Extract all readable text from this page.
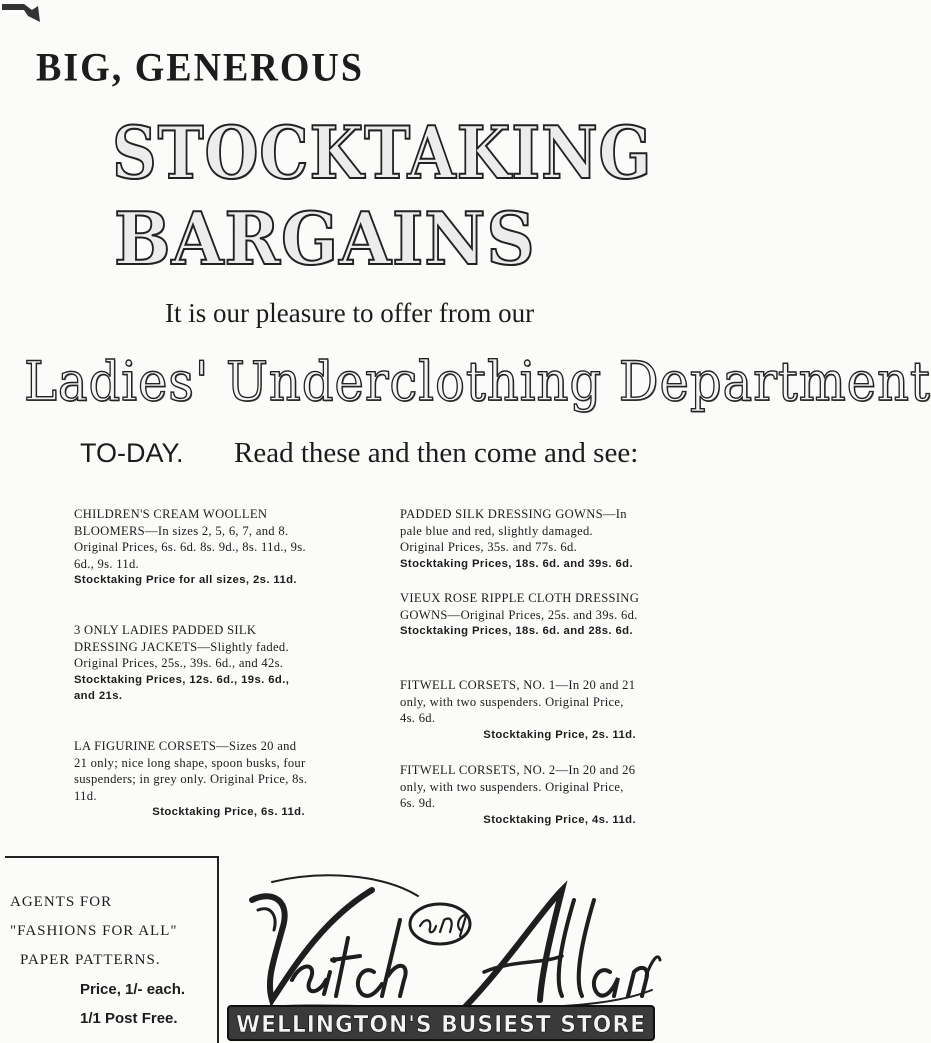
BIG, GENEROUS
STOCKTAKING
BARGAINS
It is our pleasure to offer from our
Ladies' Underclothing Department
TO-DAY. Read these and then come and see:
CHILDREN'S CREAM WOOLLEN BLOOMERS—In sizes 2, 5, 6, 7, and 8. Original Prices, 6s. 6d. 8s. 9d., 8s. 11d., 9s. 6d., 9s. 11d.
Stocktaking Price for all sizes, 2s. 11d.
3 ONLY LADIES PADDED SILK DRESSING JACKETS—Slightly faded. Original Prices, 25s., 39s. 6d., and 42s.
Stocktaking Prices, 12s. 6d., 19s. 6d., and 21s.
LA FIGURINE CORSETS—Sizes 20 and 21 only; nice long shape, spoon busks, four suspenders; in grey only. Original Price, 8s. 11d.
Stocktaking Price, 6s. 11d.
PADDED SILK DRESSING GOWNS—In pale blue and red, slightly damaged. Original Prices, 35s. and 77s. 6d.
Stocktaking Prices, 18s. 6d. and 39s. 6d.
VIEUX ROSE RIPPLE CLOTH DRESSING GOWNS—Original Prices, 25s. and 39s. 6d.
Stocktaking Prices, 18s. 6d. and 28s. 6d.
FITWELL CORSETS, NO. 1—In 20 and 21 only, with two suspenders. Original Price, 4s. 6d.
Stocktaking Price, 2s. 11d.
FITWELL CORSETS, NO. 2—In 20 and 26 only, with two suspenders. Original Price, 6s. 9d.
Stocktaking Price, 4s. 11d.
AGENTS FOR
"FASHIONS FOR ALL"
PAPER PATTERNS.
Price, 1/- each.
1/1 Post Free.	WELLINGTON'S BUSIEST STORE
